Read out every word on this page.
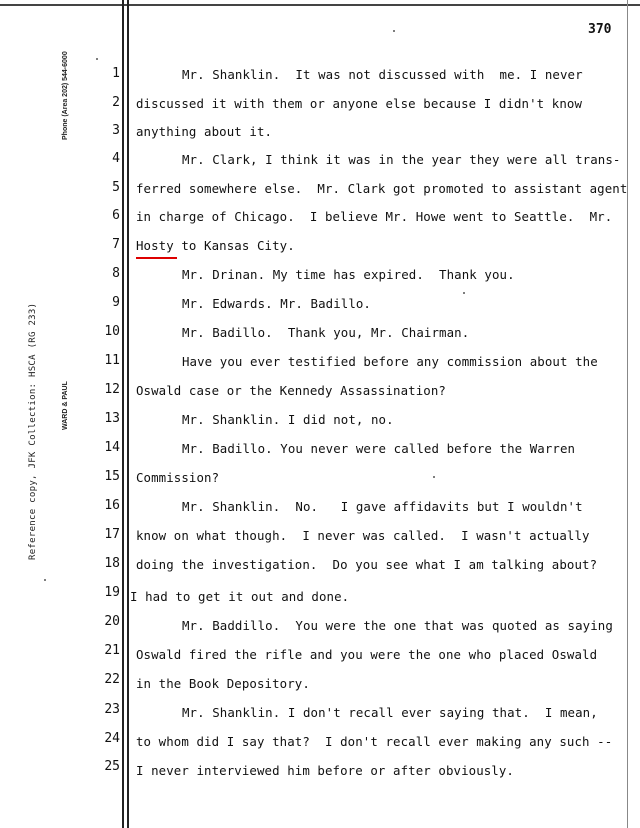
370
Reference copy, JFK Collection: HSCA (RG 233)
Phone (Area 202) 544-6000
WARD & PAUL
1
2
3
4
5
6
7
8
9
10
11
12
13
14
15
16
17
18
19
20
21
22
23
24
25
Mr. Shanklin.  It was not discussed with  me. I never
discussed it with them or anyone else because I didn't know
anything about it.
Mr. Clark, I think it was in the year they were all trans-
ferred somewhere else.  Mr. Clark got promoted to assistant agent
in charge of Chicago.  I believe Mr. Howe went to Seattle.  Mr.
Hosty to Kansas City.
Mr. Drinan. My time has expired.  Thank you.
Mr. Edwards. Mr. Badillo.
Mr. Badillo.  Thank you, Mr. Chairman.
Have you ever testified before any commission about the
Oswald case or the Kennedy Assassination?
Mr. Shanklin. I did not, no.
Mr. Badillo. You never were called before the Warren
Commission?
Mr. Shanklin.  No.   I gave affidavits but I wouldn't
know on what though.  I never was called.  I wasn't actually
doing the investigation.  Do you see what I am talking about?
I had to get it out and done.
Mr. Baddillo.  You were the one that was quoted as saying
Oswald fired the rifle and you were the one who placed Oswald
in the Book Depository.
Mr. Shanklin. I don't recall ever saying that.  I mean,
to whom did I say that?  I don't recall ever making any such --
I never interviewed him before or after obviously.
